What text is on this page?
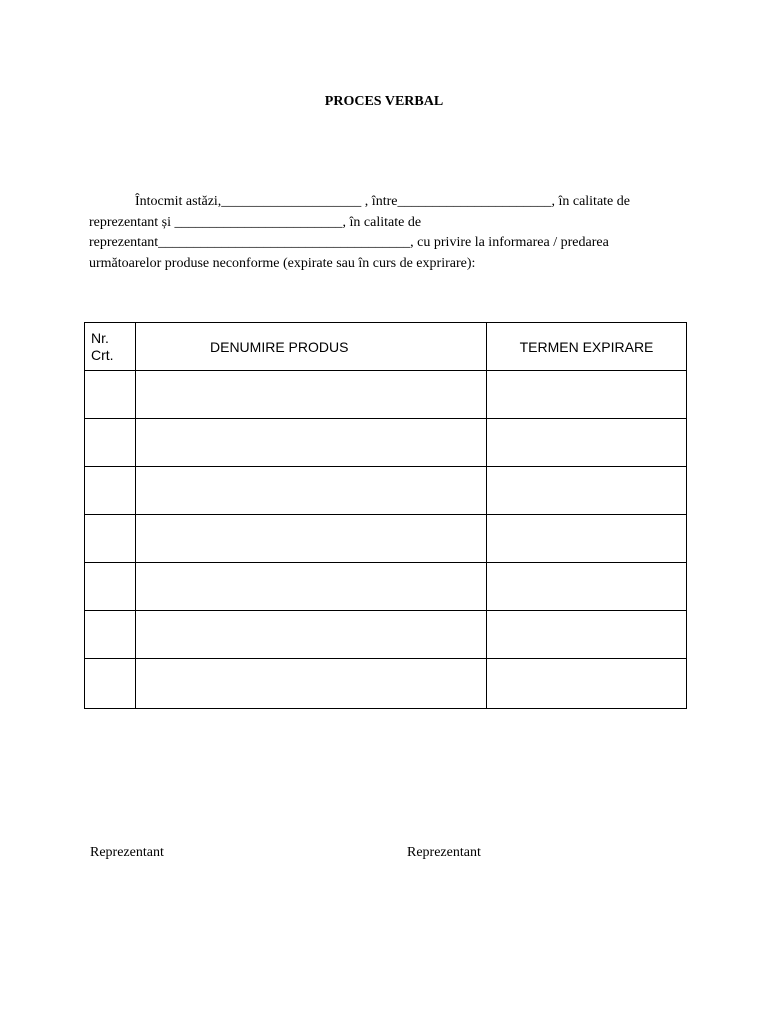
PROCES VERBAL
Întocmit astăzi,____________________ , între______________________, în calitate de
reprezentant și ________________________, în calitate de
reprezentant____________________________________, cu privire la informarea / predarea
următoarelor produse neconforme (expirate sau în curs de exprirare):
Nr.
Crt.	DENUMIRE PRODUS	TERMEN EXPIRARE

Reprezentant	Reprezentant
